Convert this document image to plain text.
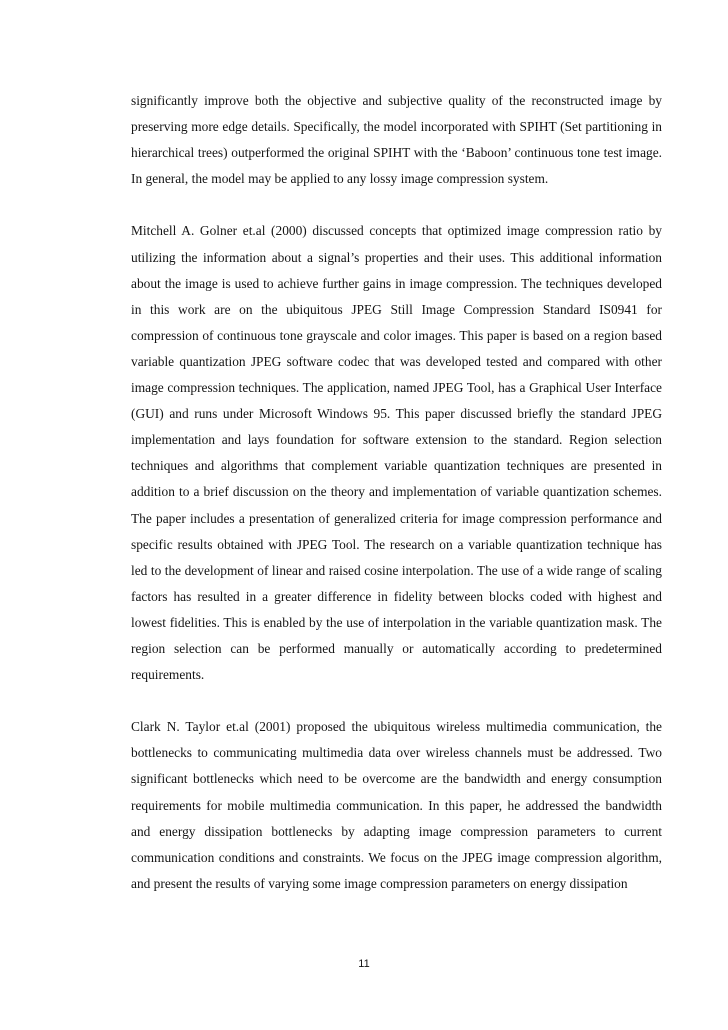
significantly improve both the objective and subjective quality of the reconstructed image by preserving more edge details. Specifically, the model incorporated with SPIHT (Set partitioning in hierarchical trees) outperformed the original SPIHT with the ‘Baboon’ continuous tone test image. In general, the model may be applied to any lossy image compression system.

Mitchell A. Golner et.al (2000) discussed concepts that optimized image compression ratio by utilizing the information about a signal’s properties and their uses. This additional information about the image is used to achieve further gains in image compression. The techniques developed in this work are on the ubiquitous JPEG Still Image Compression Standard IS0941 for compression of continuous tone grayscale and color images. This paper is based on a region based variable quantization JPEG software codec that was developed tested and compared with other image compression techniques. The application, named JPEG Tool, has a Graphical User Interface (GUI) and runs under Microsoft Windows 95. This paper discussed briefly the standard JPEG implementation and lays foundation for software extension to the standard. Region selection techniques and algorithms that complement variable quantization techniques are presented in addition to a brief discussion on the theory and implementation of variable quantization schemes. The paper includes a presentation of generalized criteria for image compression performance and specific results obtained with JPEG Tool. The research on a variable quantization technique has led to the development of linear and raised cosine interpolation. The use of a wide range of scaling factors has resulted in a greater difference in fidelity between blocks coded with highest and lowest fidelities. This is enabled by the use of interpolation in the variable quantization mask. The region selection can be performed manually or automatically according to predetermined requirements.

Clark N. Taylor et.al (2001) proposed the ubiquitous wireless multimedia communication, the bottlenecks to communicating multimedia data over wireless channels must be addressed. Two significant bottlenecks which need to be overcome are the bandwidth and energy consumption requirements for mobile multimedia communication. In this paper, he addressed the bandwidth and energy dissipation bottlenecks by adapting image compression parameters to current communication conditions and constraints. We focus on the JPEG image compression algorithm, and present the results of varying some image compression parameters on energy dissipation

11
